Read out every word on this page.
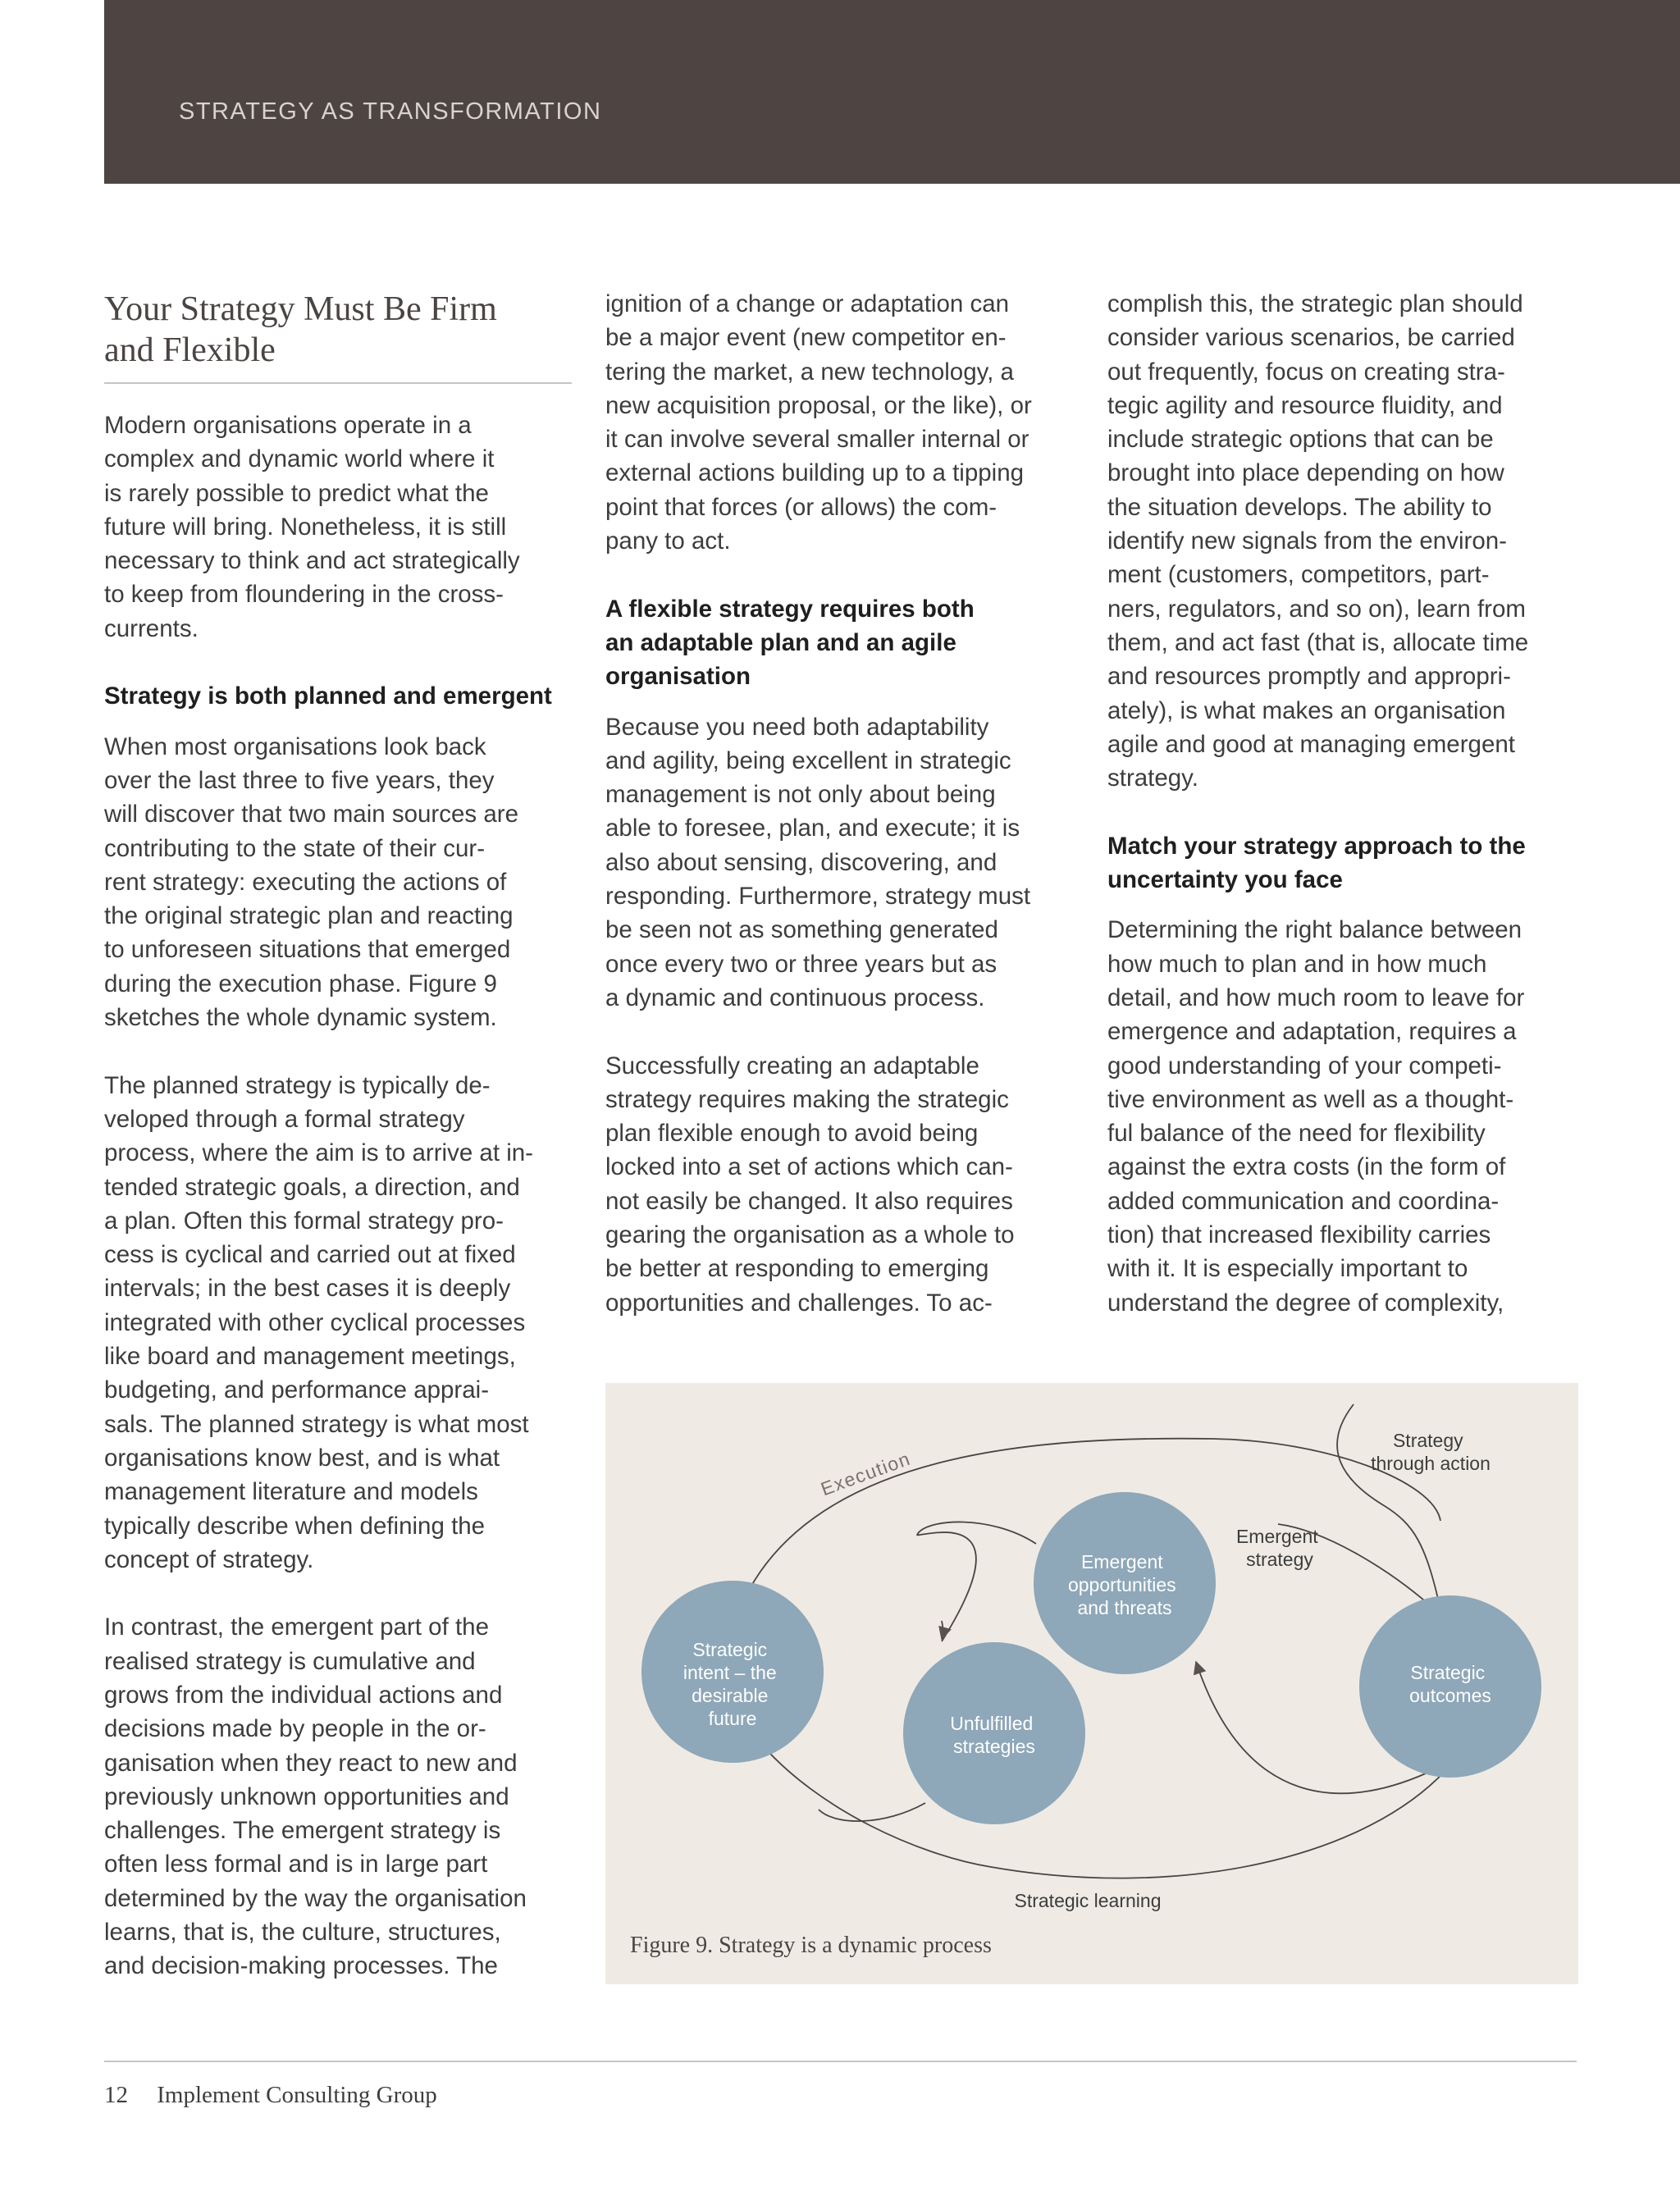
STRATEGY AS TRANSFORMATION
Your Strategy Must Be Firm
and Flexible
Modern organisations operate in a
complex and dynamic world where it
is rarely possible to predict what the
future will bring. Nonetheless, it is still
necessary to think and act strategically
to keep from floundering in the cross-
currents.
Strategy is both planned and emergent
When most organisations look back
over the last three to five years, they
will discover that two main sources are
contributing to the state of their cur-
rent strategy: executing the actions of
the original strategic plan and reacting
to unforeseen situations that emerged
during the execution phase. Figure 9
sketches the whole dynamic system.
The planned strategy is typically de-
veloped through a formal strategy
process, where the aim is to arrive at in-
tended strategic goals, a direction, and
a plan. Often this formal strategy pro-
cess is cyclical and carried out at fixed
intervals; in the best cases it is deeply
integrated with other cyclical processes
like board and management meetings,
budgeting, and performance apprai-
sals. The planned strategy is what most
organisations know best, and is what
management literature and models
typically describe when defining the
concept of strategy.
In contrast, the emergent part of the
realised strategy is cumulative and
grows from the individual actions and
decisions made by people in the or-
ganisation when they react to new and
previously unknown opportunities and
challenges. The emergent strategy is
often less formal and is in large part
determined by the way the organisation
learns, that is, the culture, structures,
and decision-making processes. The
ignition of a change or adaptation can
be a major event (new competitor en-
tering the market, a new technology, a
new acquisition proposal, or the like), or
it can involve several smaller internal or
external actions building up to a tipping
point that forces (or allows) the com-
pany to act.
A flexible strategy requires both
an adaptable plan and an agile
organisation
Because you need both adaptability
and agility, being excellent in strategic
management is not only about being
able to foresee, plan, and execute; it is
also about sensing, discovering, and
responding. Furthermore, strategy must
be seen not as something generated
once every two or three years but as
a dynamic and continuous process.
Successfully creating an adaptable
strategy requires making the strategic
plan flexible enough to avoid being
locked into a set of actions which can-
not easily be changed. It also requires
gearing the organisation as a whole to
be better at responding to emerging
opportunities and challenges. To ac-
complish this, the strategic plan should
consider various scenarios, be carried
out frequently, focus on creating stra-
tegic agility and resource fluidity, and
include strategic options that can be
brought into place depending on how
the situation develops. The ability to
identify new signals from the environ-
ment (customers, competitors, part-
ners, regulators, and so on), learn from
them, and act fast (that is, allocate time
and resources promptly and appropri-
ately), is what makes an organisation
agile and good at managing emergent
strategy.
Match your strategy approach to the
uncertainty you face
Determining the right balance between
how much to plan and in how much
detail, and how much room to leave for
emergence and adaptation, requires a
good understanding of your competi-
tive environment as well as a thought-
ful balance of the need for flexibility
against the extra costs (in the form of
added communication and coordina-
tion) that increased flexibility carries
with it. It is especially important to
understand the degree of complexity,
Strategic intent – the desirable future	Unfulfilled strategies
Emergent opportunities and threats
Strategic outcomes
Strategy through action
Emergent strategy
Strategic learning
Execution
Figure 9. Strategy is a dynamic process
12 Implement Consulting Group
